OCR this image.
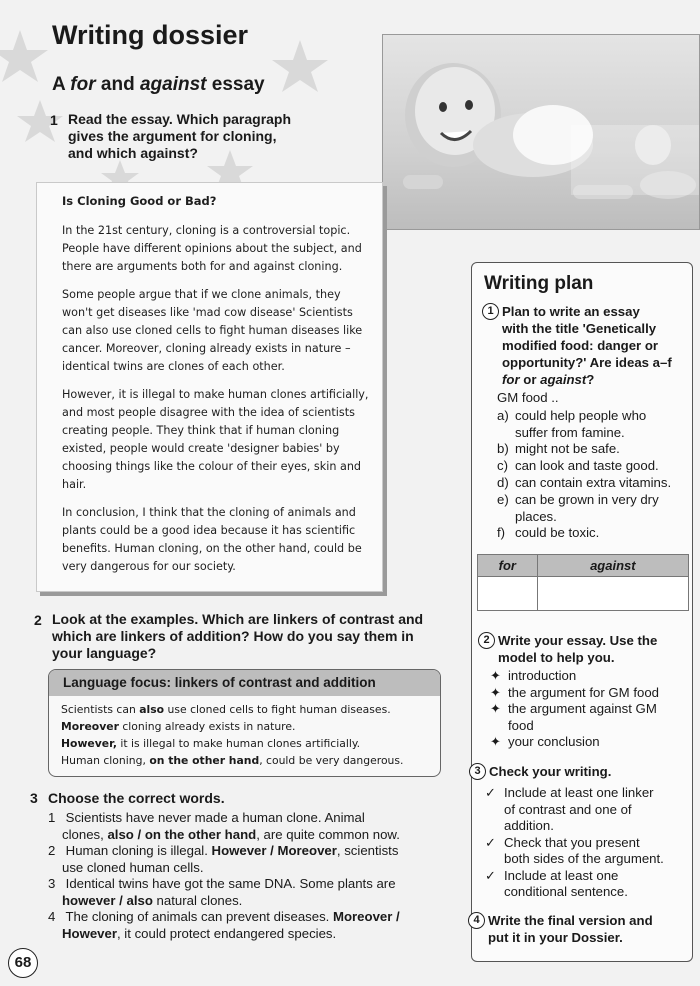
Writing dossier
A for and against essay
1 Read the essay. Which paragraph
gives the argument for cloning,
and which against?
Is Cloning Good or Bad?

In the 21st century, cloning is a controversial topic. People have different opinions about the subject, and there are arguments both for and against cloning.

Some people argue that if we clone animals, they won't get diseases like 'mad cow disease' Scientists can also use cloned cells to fight human diseases like cancer. Moreover, cloning already exists in nature – identical twins are clones of each other.

However, it is illegal to make human clones artificially, and most people disagree with the idea of scientists creating people. They think that if human cloning existed, people would create 'designer babies' by choosing things like the colour of their eyes, skin and hair.

In conclusion, I think that the cloning of animals and plants could be a good idea because it has scientific benefits. Human cloning, on the other hand, could be very dangerous for our society.

2 Look at the examples. Which are linkers of contrast and
which are linkers of addition? How do you say them in
your language?
Language focus: linkers of contrast and addition
Scientists can also use cloned cells to fight human diseases.
Moreover cloning already exists in nature.
However, it is illegal to make human clones artificially.
Human cloning, on the other hand, could be very dangerous.
3 Choose the correct words.
1 Scientists have never made a human clone. Animal
clones, also / on the other hand, are quite common now.
2 Human cloning is illegal. However / Moreover, scientists
use cloned human cells.
3 Identical twins have got the same DNA. Some plants are
however / also natural clones.
4 The cloning of animals can prevent diseases. Moreover /
However, it could protect endangered species.
Writing plan
1 Plan to write an essay
with the title 'Genetically
modified food: danger or
opportunity?' Are ideas a–f
for or against?
GM food ..
a) could help people who
suffer from famine.
b) might not be safe.
c) can look and taste good.
d) can contain extra vitamins.
e) can be grown in very dry
places.
f) could be toxic.
for	against

2 Write your essay. Use the
model to help you.
✦ introduction
✦ the argument for GM food
✦ the argument against GM
food
✦ your conclusion
3 Check your writing.
✓ Include at least one linker
of contrast and one of
addition.
✓ Check that you present
both sides of the argument.
✓ Include at least one
conditional sentence.
4 Write the final version and
put it in your Dossier.
68
